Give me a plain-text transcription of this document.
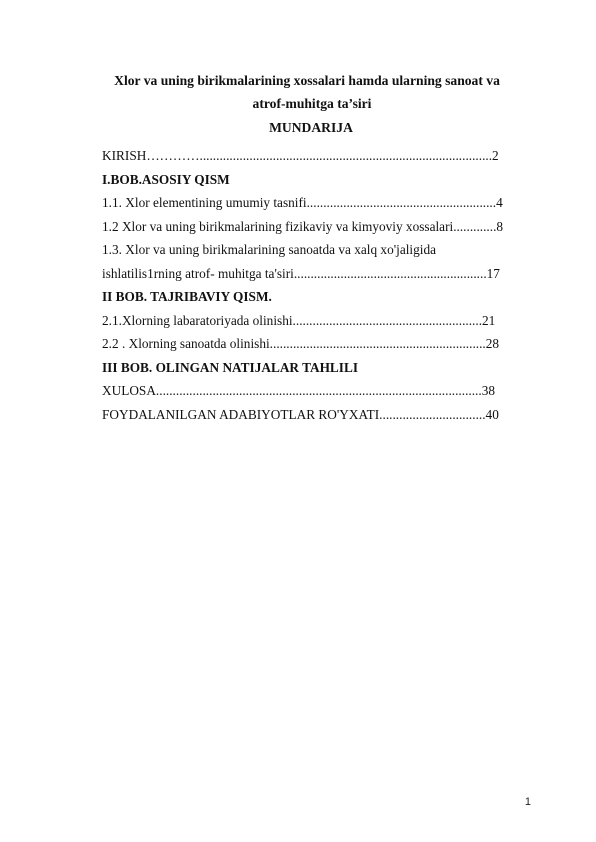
Xlor va uning birikmalarining xossalari hamda ularning sanoat va
atrof-muhitga ta’siri
MUNDARIJA
KIRISH…………........................................................................................2
I.BOB.ASOSIY QISM
1.1. Xlor elementining umumiy tasnifi.........................................................4
1.2 Xlor va uning birikmalarining fizikaviy va kimyoviy xossalari.............8
1.3. Xlor va uning birikmalarining sanoatda va xalq xo'jaligida
ishlatilis1rning atrof- muhitga ta'siri..........................................................17
II BOB. TAJRIBAVIY QISM.
2.1.Xlorning labaratoriyada olinishi.........................................................21
2.2 . Xlorning sanoatda olinishi.................................................................28
III BOB. OLINGAN NATIJALAR TAHLILI
XULOSA..................................................................................................38
FOYDALANILGAN ADABIYOTLAR RO'YXATI................................40
1
